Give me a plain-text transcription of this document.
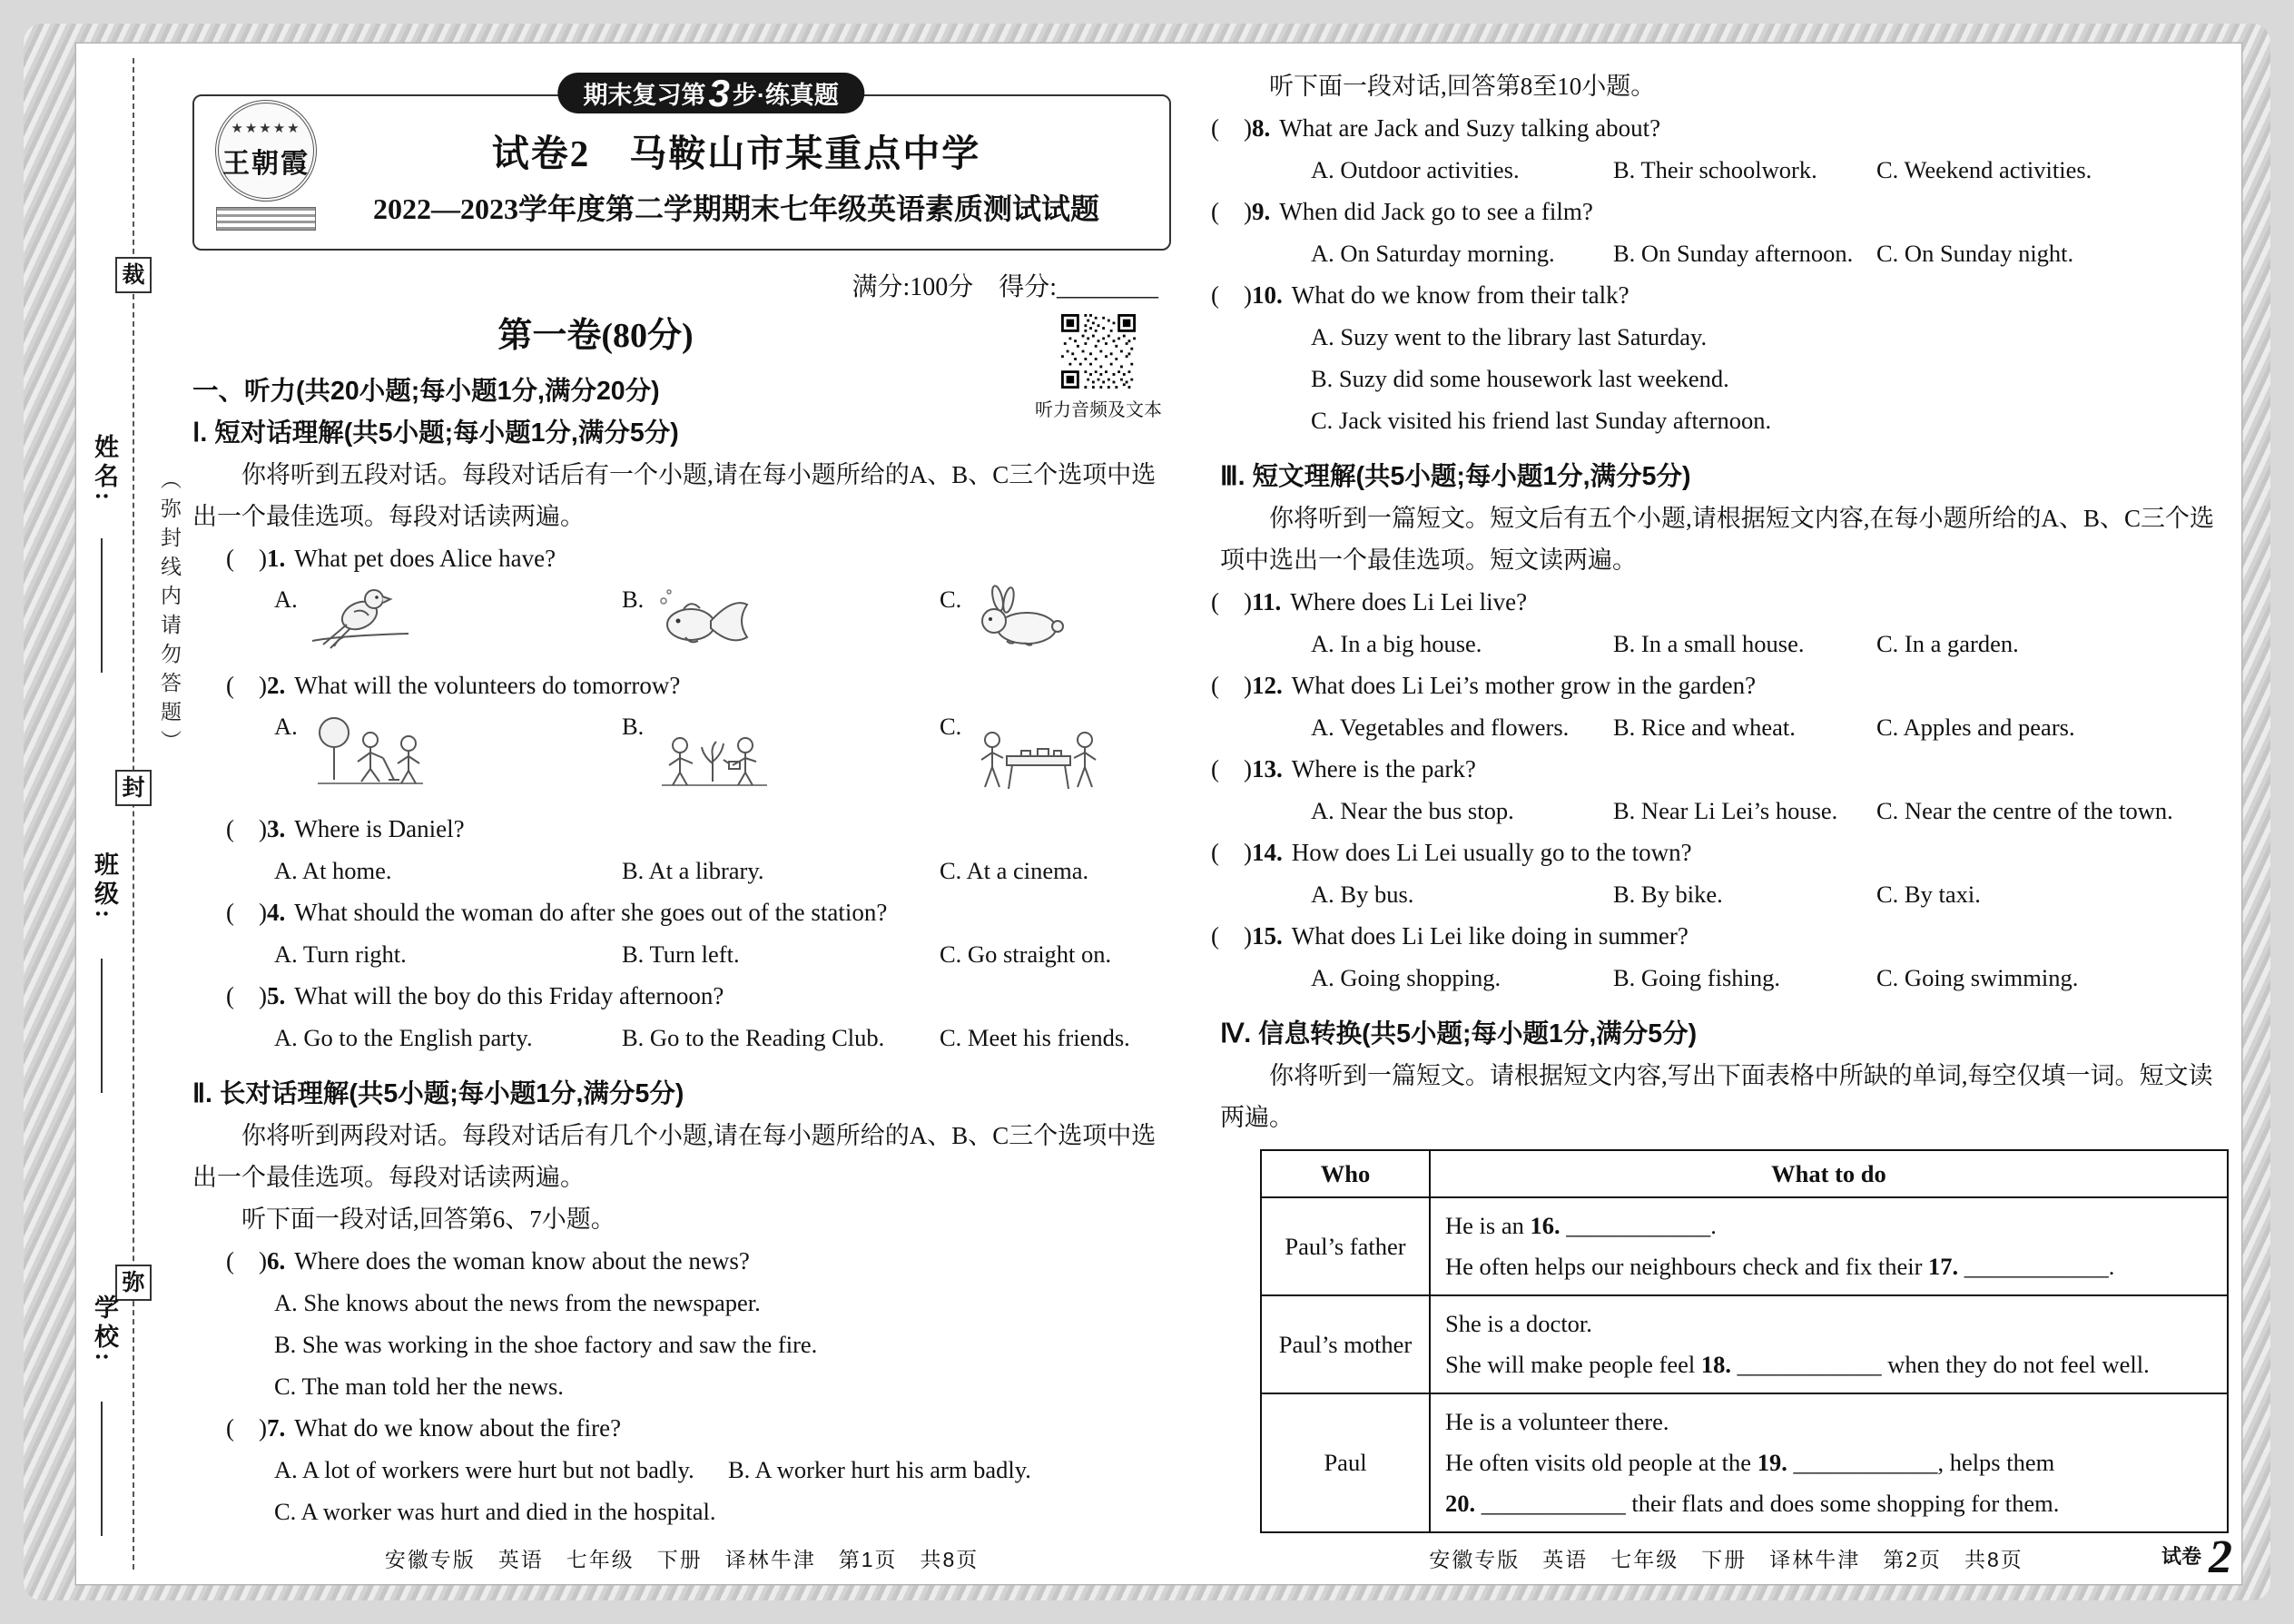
裁
封
弥
姓名:
班级:
学校:
（弥封线内请勿答题）
期末复习第 3 步·练真题
★★★★★
王朝霞	试卷2　马鞍山市某重点中学
2022—2023学年度第二学期期末七年级英语素质测试试题
满分:100分　得分:________
第一卷(80分)
听力音频及文本
一、听力(共20小题;每小题1分,满分20分)
Ⅰ. 短对话理解(共5小题;每小题1分,满分5分)
你将听到五段对话。每段对话后有一个小题,请在每小题所给的A、B、C三个选项中选出一个最佳选项。每段对话读两遍。
(    )1. What pet does Alice have?
A.	B.	C.
(    )2. What will the volunteers do tomorrow?
A.	B.	C.
(    )3. Where is Daniel?
A. At home.	B. At a library.	C. At a cinema.
(    )4. What should the woman do after she goes out of the station?
A. Turn right.	B. Turn left.	C. Go straight on.
(    )5. What will the boy do this Friday afternoon?
A. Go to the English party.	B. Go to the Reading Club.	C. Meet his friends.
Ⅱ. 长对话理解(共5小题;每小题1分,满分5分)
你将听到两段对话。每段对话后有几个小题,请在每小题所给的A、B、C三个选项中选出一个最佳选项。每段对话读两遍。
听下面一段对话,回答第6、7小题。
(    )6. Where does the woman know about the news?
A. She knows about the news from the newspaper.
B. She was working in the shoe factory and saw the fire.
C. The man told her the news.
(    )7. What do we know about the fire?
A. A lot of workers were hurt but not badly.	B. A worker hurt his arm badly.
C. A worker was hurt and died in the hospital.
安徽专版　英语　七年级　下册　译林牛津　第1页　共8页
听下面一段对话,回答第8至10小题。
(    )8. What are Jack and Suzy talking about?
A. Outdoor activities.	B. Their schoolwork.	C. Weekend activities.
(    )9. When did Jack go to see a film?
A. On Saturday morning.	B. On Sunday afternoon. C. On Sunday night.
(    )10. What do we know from their talk?
A. Suzy went to the library last Saturday.
B. Suzy did some housework last weekend.
C. Jack visited his friend last Sunday afternoon.
Ⅲ. 短文理解(共5小题;每小题1分,满分5分)
你将听到一篇短文。短文后有五个小题,请根据短文内容,在每小题所给的A、B、C三个选项中选出一个最佳选项。短文读两遍。
(    )11. Where does Li Lei live?
A. In a big house.	B. In a small house.	C. In a garden.
(    )12. What does Li Lei’s mother grow in the garden?
A. Vegetables and flowers.	B. Rice and wheat.	C. Apples and pears.
(    )13. Where is the park?
A. Near the bus stop.	B. Near Li Lei’s house.	C. Near the centre of the town.
(    )14. How does Li Lei usually go to the town?
A. By bus.	B. By bike.	C. By taxi.
(    )15. What does Li Lei like doing in summer?
A. Going shopping.	B. Going fishing.	C. Going swimming.
Ⅳ. 信息转换(共5小题;每小题1分,满分5分)
你将听到一篇短文。请根据短文内容,写出下面表格中所缺的单词,每空仅填一词。短文读两遍。
Who	What to do
Paul’s father	He is an 16. ____________.
He often helps our neighbours check and fix their 17. ____________.

Paul’s mother	She is a doctor.
She will make people feel 18. ____________ when they do not feel well.

Paul	He is a volunteer there.
He often visits old people at the 19. ____________, helps them
20. ____________ their flats and does some shopping for them.
安徽专版　英语　七年级　下册　译林牛津　第2页　共8页	试卷 2
